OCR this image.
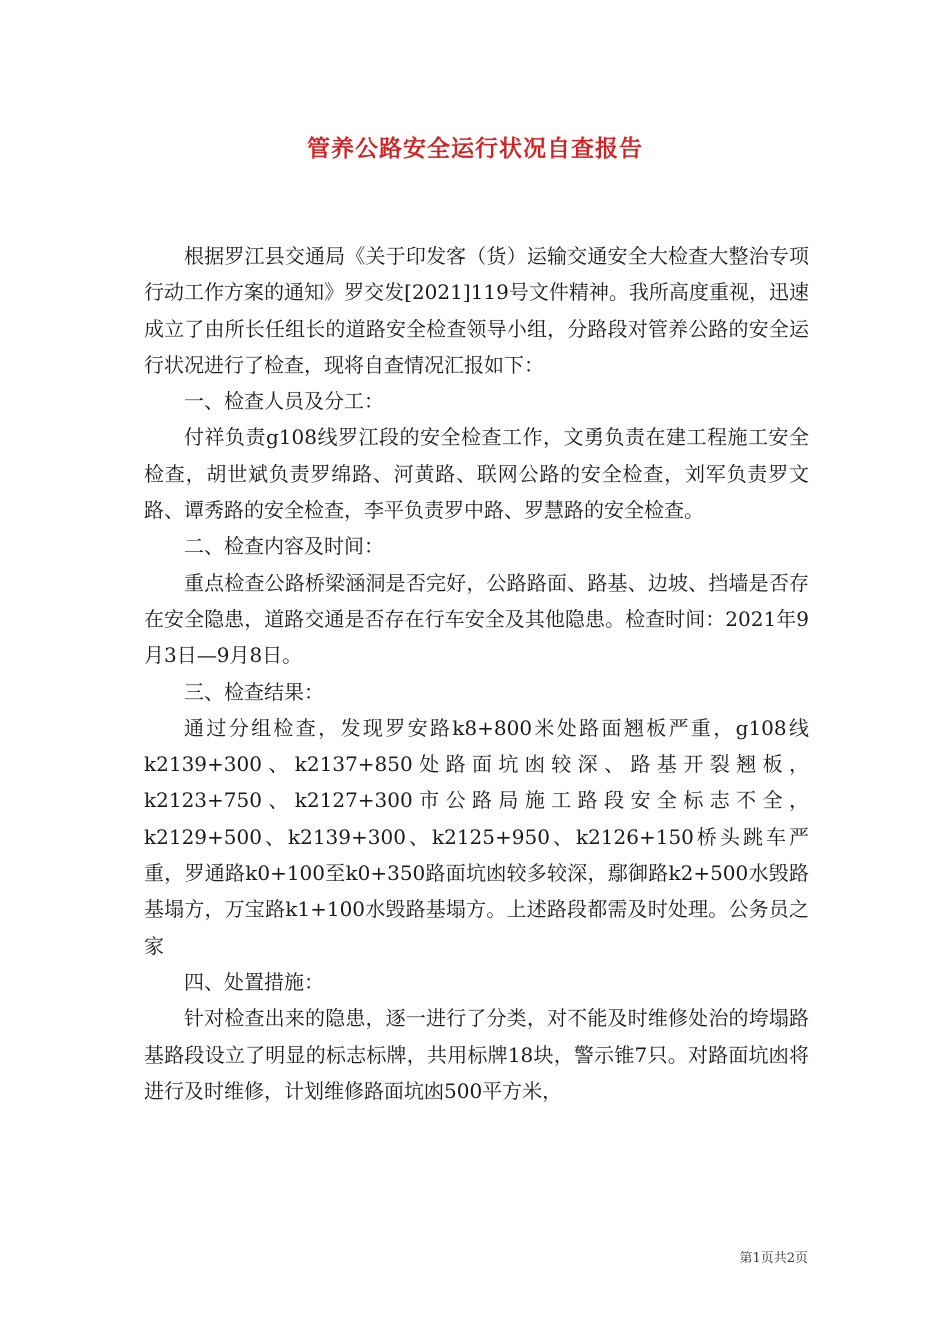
管养公路安全运行状况自查报告

根据罗江县交通局《关于印发客（货）运输交通安全大检查大整治专项行动工作方案的通知》罗交发[2021]119号文件精神。我所高度重视，迅速成立了由所长任组长的道路安全检查领导小组，分路段对管养公路的安全运行状况进行了检查，现将自查情况汇报如下：

一、检查人员及分工：

付祥负责g108线罗江段的安全检查工作，文勇负责在建工程施工安全检查，胡世斌负责罗绵路、河黄路、联网公路的安全检查，刘军负责罗文路、谭秀路的安全检查，李平负责罗中路、罗慧路的安全检查。

二、检查内容及时间：

重点检查公路桥梁涵洞是否完好，公路路面、路基、边坡、挡墙是否存在安全隐患，道路交通是否存在行车安全及其他隐患。检查时间：2021年9月3日—9月8日。

三、检查结果：

通过分组检查，发现罗安路k8+800米处路面翘板严重，g108线k2139+300、k2137+850处路面坑凼较深、路基开裂翘板，k2123+750、k2127+300市公路局施工路段安全标志不全，k2129+500、k2139+300、k2125+950、k2126+150桥头跳车严重，罗通路k0+100至k0+350路面坑凼较多较深，鄢御路k2+500水毁路基塌方，万宝路k1+100水毁路基塌方。上述路段都需及时处理。公务员之家

四、处置措施：

针对检查出来的隐患，逐一进行了分类，对不能及时维修处治的垮塌路基路段设立了明显的标志标牌，共用标牌18块，警示锥7只。对路面坑凼将进行及时维修，计划维修路面坑凼500平方米，

第1页共2页
